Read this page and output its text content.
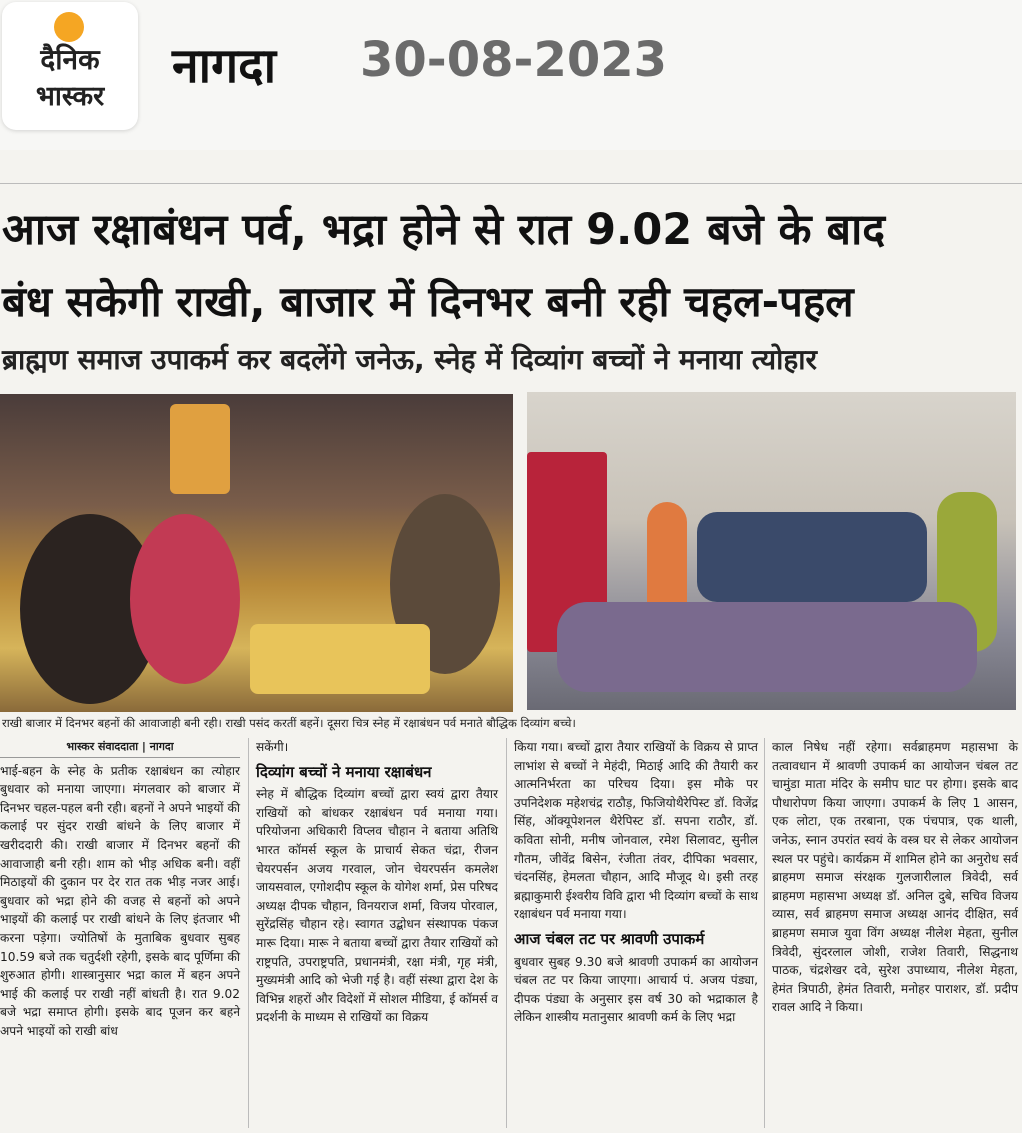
दैनिक
भास्कर
नागदा 30-08-2023
आज रक्षाबंधन पर्व, भद्रा होने से रात 9.02 बजे के बाद
बंध सकेगी राखी, बाजार में दिनभर बनी रही चहल-पहल
ब्राह्मण समाज उपाकर्म कर बदलेंगे जनेऊ, स्नेह में दिव्यांग बच्चों ने मनाया त्योहार
राखी बाजार में दिनभर बहनों की आवाजाही बनी रही। राखी पसंद करतीं बहनें। दूसरा चित्र स्नेह में रक्षाबंधन पर्व मनाते बौद्धिक दिव्यांग बच्चे।
भास्कर संवाददाता | नागदा

भाई-बहन के स्नेह के प्रतीक रक्षाबंधन का त्योहार बुधवार को मनाया जाएगा। मंगलवार को बाजार में दिनभर चहल-पहल बनी रही। बहनों ने अपने भाइयों की कलाई पर सुंदर राखी बांधने के लिए बाजार में खरीददारी की। राखी बाजार में दिनभर बहनों की आवाजाही बनी रही। शाम को भीड़ अधिक बनी। वहीं मिठाइयों की दुकान पर देर रात तक भीड़ नजर आई। बुधवार को भद्रा होने की वजह से बहनों को अपने भाइयों की कलाई पर राखी बांधने के लिए इंतजार भी करना पड़ेगा। ज्योतिषों के मुताबिक बुधवार सुबह 10.59 बजे तक चतुर्दशी रहेगी, इसके बाद पूर्णिमा की शुरुआत होगी। शास्त्रानुसार भद्रा काल में बहन अपने भाई की कलाई पर राखी नहीं बांधती है। रात 9.02 बजे भद्रा समाप्त होगी। इसके बाद पूजन कर बहने अपने भाइयों को राखी बांध

सकेंगी।

दिव्यांग बच्चों ने मनाया रक्षाबंधन

स्नेह में बौद्धिक दिव्यांग बच्चों द्वारा स्वयं द्वारा तैयार राखियों को बांधकर रक्षाबंधन पर्व मनाया गया। परियोजना अधिकारी विप्लव चौहान ने बताया अतिथि भारत कॉमर्स स्कूल के प्राचार्य सेकत चंद्रा, रीजन चेयरपर्सन अजय गरवाल, जोन चेयरपर्सन कमलेश जायसवाल, एगोशदीप स्कूल के योगेश शर्मा, प्रेस परिषद अध्यक्ष दीपक चौहान, विनयराज शर्मा, विजय पोरवाल, सुरेंद्रसिंह चौहान रहे। स्वागत उद्बोधन संस्थापक पंकज मारू दिया। मारू ने बताया बच्चों द्वारा तैयार राखियों को राष्ट्रपति, उपराष्ट्रपति, प्रधानमंत्री, रक्षा मंत्री, गृह मंत्री, मुख्यमंत्री आदि को भेजी गई है। वहीं संस्था द्वारा देश के विभिन्न शहरों और विदेशों में सोशल मीडिया, ई कॉमर्स व प्रदर्शनी के माध्यम से राखियों का विक्रय

किया गया। बच्चों द्वारा तैयार राखियों के विक्रय से प्राप्त लाभांश से बच्चों ने मेहंदी, मिठाई आदि की तैयारी कर आत्मनिर्भरता का परिचय दिया। इस मौके पर उपनिदेशक महेशचंद्र राठौड़, फिजियोथैरेपिस्ट डॉ. विजेंद्र सिंह, ऑक्यूपेशनल थैरेपिस्ट डॉ. सपना राठौर, डॉ. कविता सोनी, मनीष जोनवाल, रमेश सिलावट, सुनील गौतम, जीवेंद्र बिसेन, रंजीता तंवर, दीपिका भवसार, चंदनसिंह, हेमलता चौहान, आदि मौजूद थे। इसी तरह ब्रह्माकुमारी ईश्वरीय विवि द्वारा भी दिव्यांग बच्चों के साथ रक्षाबंधन पर्व मनाया गया।

आज चंबल तट पर श्रावणी उपाकर्म

बुधवार सुबह 9.30 बजे श्रावणी उपाकर्म का आयोजन चंबल तट पर किया जाएगा। आचार्य पं. अजय पंड्या, दीपक पंड्या के अनुसार इस वर्ष 30 को भद्राकाल है लेकिन शास्त्रीय मतानुसार श्रावणी कर्म के लिए भद्रा

काल निषेध नहीं रहेगा। सर्वब्राहमण महासभा के तत्वावधान में श्रावणी उपाकर्म का आयोजन चंबल तट चामुंडा माता मंदिर के समीप घाट पर होगा। इसके बाद पौधारोपण किया जाएगा। उपाकर्म के लिए 1 आसन, एक लोटा, एक तरबाना, एक पंचपात्र, एक थाली, जनेऊ, स्नान उपरांत स्वयं के वस्त्र घर से लेकर आयोजन स्थल पर पहुंचे। कार्यक्रम में शामिल होने का अनुरोध सर्व ब्राहमण समाज संरक्षक गुलजारीलाल त्रिवेदी, सर्व ब्राहमण महासभा अध्यक्ष डॉ. अनिल दुबे, सचिव विजय व्यास, सर्व ब्राहमण समाज अध्यक्ष आनंद दीक्षित, सर्व ब्राहमण समाज युवा विंग अध्यक्ष नीलेश मेहता, सुनील त्रिवेदी, सुंदरलाल जोशी, राजेश तिवारी, सिद्धनाथ पाठक, चंद्रशेखर दवे, सुरेश उपाध्याय, नीलेश मेहता, हेमंत त्रिपाठी, हेमंत तिवारी, मनोहर पाराशर, डॉ. प्रदीप रावल आदि ने किया।
